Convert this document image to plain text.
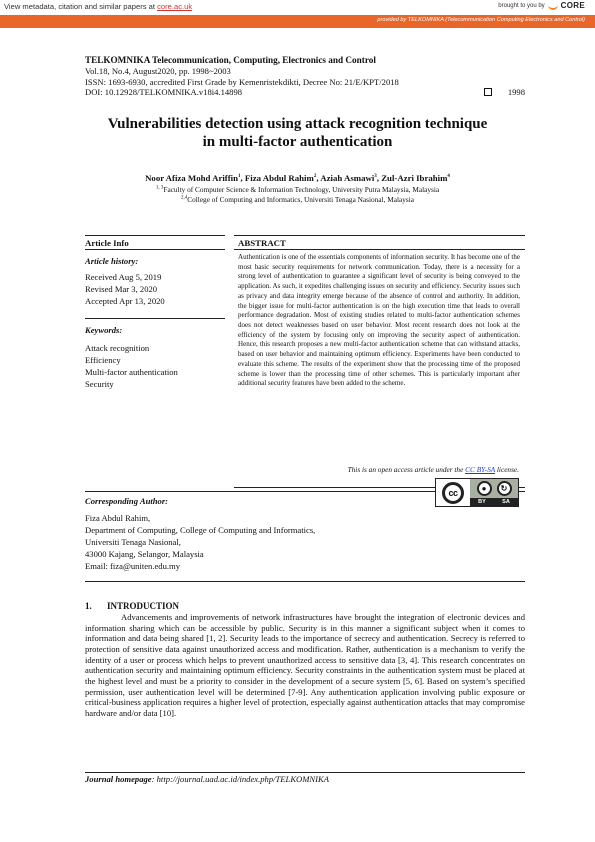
View metadata, citation and similar papers at core.ac.uk	brought to you by CORE
provided by TELKOMNIKA (Telecommunication Computing Electronics and Control)
TELKOMNIKA Telecommunication, Computing, Electronics and Control
Vol.18, No.4, August2020, pp. 1998~2003
ISSN: 1693-6930, accredited First Grade by Kemenristekdikti, Decree No: 21/E/KPT/2018
DOI: 10.12928/TELKOMNIKA.v18i4.14898	1998
Vulnerabilities detection using attack recognition technique
in multi-factor authentication
Noor Afiza Mohd Ariffin$^1$, Fiza Abdul Rahim$^2$, Aziah Asmawi$^3$, Zul-Azri Ibrahim$^4$
$^{1, 3}$Faculty of Computer Science & Information Technology, University Putra Malaysia, Malaysia
$^{2,4}$College of Computing and Informatics, Universiti Tenaga Nasional, Malaysia
Article Info	ABSTRACT
Article history:
Received Aug 5, 2019
Revised Mar 3, 2020
Accepted Apr 13, 2020
Keywords:
Attack recognition
Efficiency
Multi-factor authentication
Security
Authentication is one of the essentials components of information security. It has become one of the most basic security requirements for network communication. Today, there is a necessity for a strong level of authentication to guarantee a significant level of security is being conveyed to the application. As such, it expedites challenging issues on security and efficiency. Security issues such as privacy and data integrity emerge because of the absence of control and authority. In addition, the bigger issue for multi-factor authentication is on the high execution time that leads to overall performance degradation. Most of existing studies related to multi-factor authentication schemes does not detect weaknesses based on user behavior. Most recent research does not look at the efficiency of the system by focusing only on improving the security aspect of authentication. Hence, this research proposes a new multi-factor authentication scheme that can withstand attacks, based on user behavior and maintaining optimum efficiency. Experiments have been conducted to evaluate this scheme. The results of the experiment show that the processing time of the proposed scheme is lower than the processing time of other schemes. This is particularly important after additional security features have been added to the scheme.
This is an open access article under the CC BY-SA license.
cc	●	↻
BY	SA
Corresponding Author:
Fiza Abdul Rahim,
Department of Computing, College of Computing and Informatics,
Universiti Tenaga Nasional,
43000 Kajang, Selangor, Malaysia
Email: fiza@uniten.edu.my
1. INTRODUCTION
Advancements and improvements of network infrastructures have brought the integration of electronic devices and information sharing which can be accessible by public. Security is in this manner a significant subject when it comes to information and data being shared [1, 2]. Security leads to the importance of secrecy and authentication. Secrecy is referred to protection of sensitive data against unauthorized access and modification. Rather, authentication is a mechanism to verify the identity of a user or process which helps to prevent unauthorized access to sensitive data [3, 4]. This research concentrates on authentication security and maintaining optimum efficiency. Security constraints in the authentication system must be placed at the highest level and must be a priority to consider in the development of a secure system [5, 6]. Based on system’s specified permission, user authentication level will be determined [7-9]. Any authentication application involving public exposure or critical-business application requires a higher level of protection, especially against authentication attacks that may compromise hardware and/or data [10].
Journal homepage: http://journal.uad.ac.id/index.php/TELKOMNIKA
